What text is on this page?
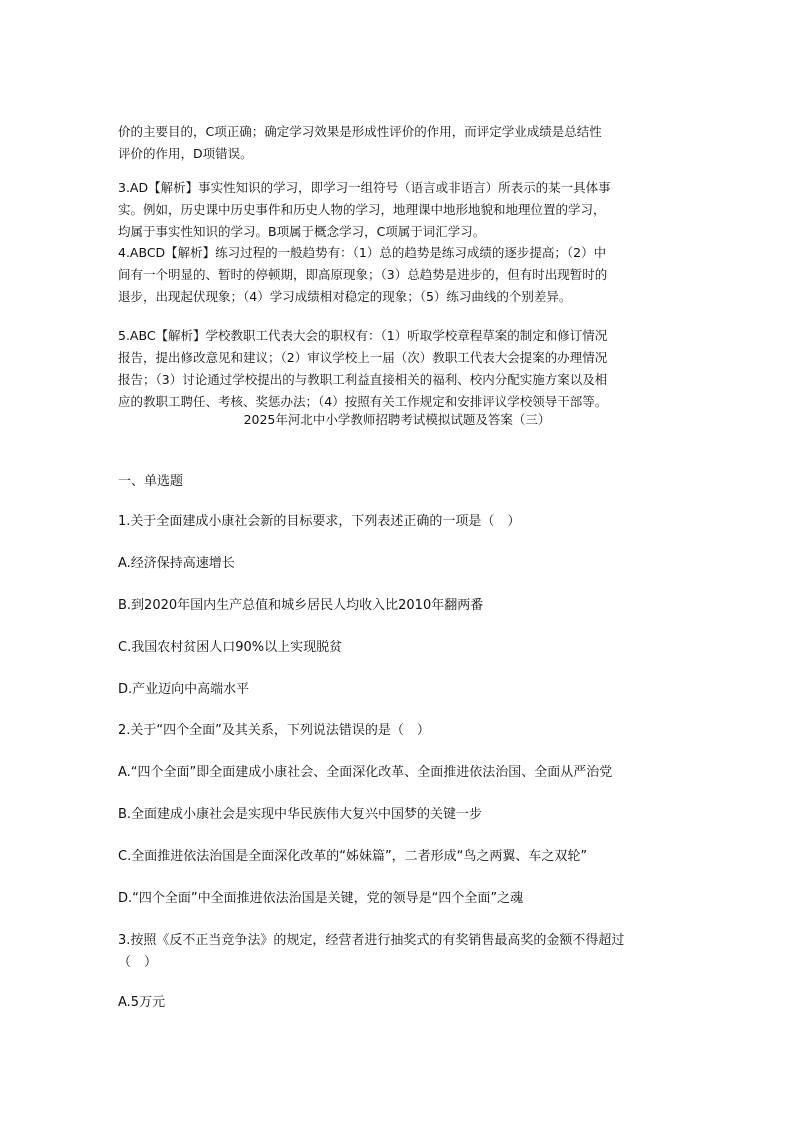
价的主要目的，C项正确；确定学习效果是形成性评价的作用，而评定学业成绩是总结性
评价的作用，D项错误。
3.AD【解析】事实性知识的学习，即学习一组符号（语言或非语言）所表示的某一具体事
实。例如，历史课中历史事件和历史人物的学习，地理课中地形地貌和地理位置的学习，
均属于事实性知识的学习。B项属于概念学习，C项属于词汇学习。
4.ABCD【解析】练习过程的一般趋势有：（1）总的趋势是练习成绩的逐步提高；（2）中
间有一个明显的、暂时的停顿期，即高原现象；（3）总趋势是进步的，但有时出现暂时的
退步，出现起伏现象；（4）学习成绩相对稳定的现象；（5）练习曲线的个别差异。
5.ABC【解析】学校教职工代表大会的职权有：（1）听取学校章程草案的制定和修订情况
报告，提出修改意见和建议；（2）审议学校上一届（次）教职工代表大会提案的办理情况
报告；（3）讨论通过学校提出的与教职工利益直接相关的福利、校内分配实施方案以及相
应的教职工聘任、考核、奖惩办法；（4）按照有关工作规定和安排评议学校领导干部等。
2025年河北中小学教师招聘考试模拟试题及答案（三）
一、单选题
1.关于全面建成小康社会新的目标要求，下列表述正确的一项是（　）
A.经济保持高速增长
B.到2020年国内生产总值和城乡居民人均收入比2010年翻两番
C.我国农村贫困人口90%以上实现脱贫
D.产业迈向中高端水平
2.关于“四个全面”及其关系，下列说法错误的是（　）
A.“四个全面”即全面建成小康社会、全面深化改革、全面推进依法治国、全面从严治党
B.全面建成小康社会是实现中华民族伟大复兴中国梦的关键一步
C.全面推进依法治国是全面深化改革的“姊妹篇”，二者形成“鸟之两翼、车之双轮”
D.“四个全面”中全面推进依法治国是关键，党的领导是“四个全面”之魂
3.按照《反不正当竞争法》的规定，经营者进行抽奖式的有奖销售最高奖的金额不得超过
（　）
A.5万元
